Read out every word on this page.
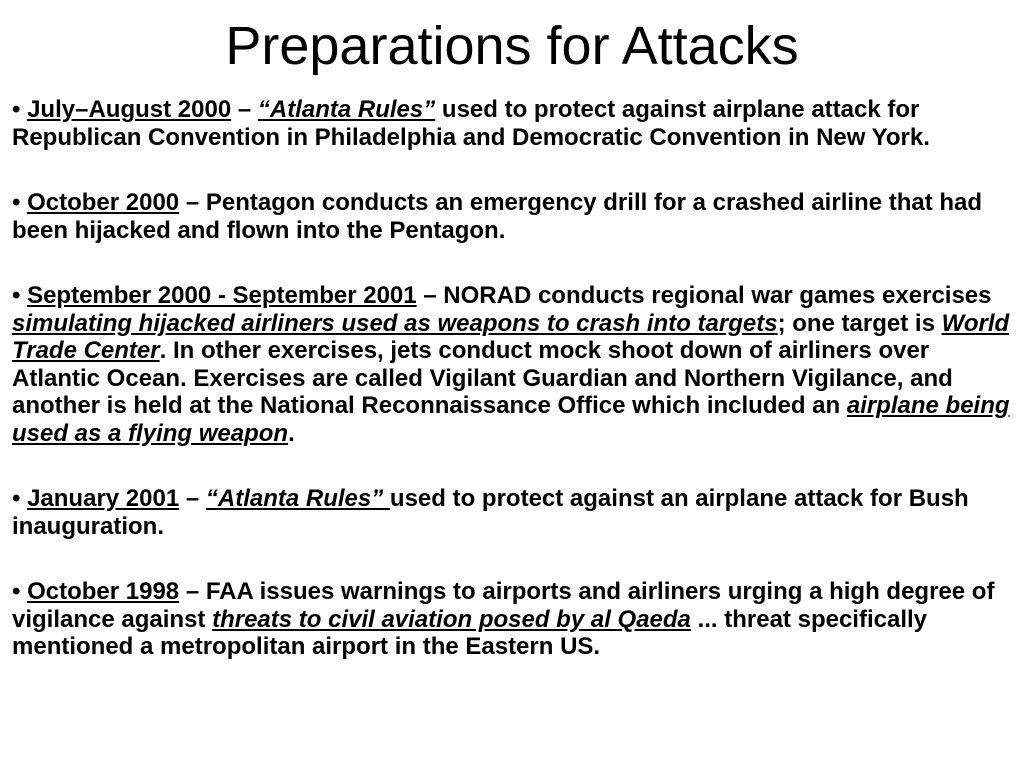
Preparations for Attacks
• July–August 2000 – “Atlanta Rules” used to protect against airplane attack for Republican Convention in Philadelphia and Democratic Convention in New York.
• October 2000 – Pentagon conducts an emergency drill for a crashed airline that had been hijacked and flown into the Pentagon.
• September 2000 - September 2001 – NORAD conducts regional war games exercises simulating hijacked airliners used as weapons to crash into targets; one target is World Trade Center. In other exercises, jets conduct mock shoot down of airliners over Atlantic Ocean. Exercises are called Vigilant Guardian and Northern Vigilance, and another is held at the National Reconnaissance Office which included an airplane being used as a flying weapon.
• January 2001 – “Atlanta Rules” used to protect against an airplane attack for Bush inauguration.
• October 1998 – FAA issues warnings to airports and airliners urging a high degree of vigilance against threats to civil aviation posed by al Qaeda ... threat specifically mentioned a metropolitan airport in the Eastern US.
